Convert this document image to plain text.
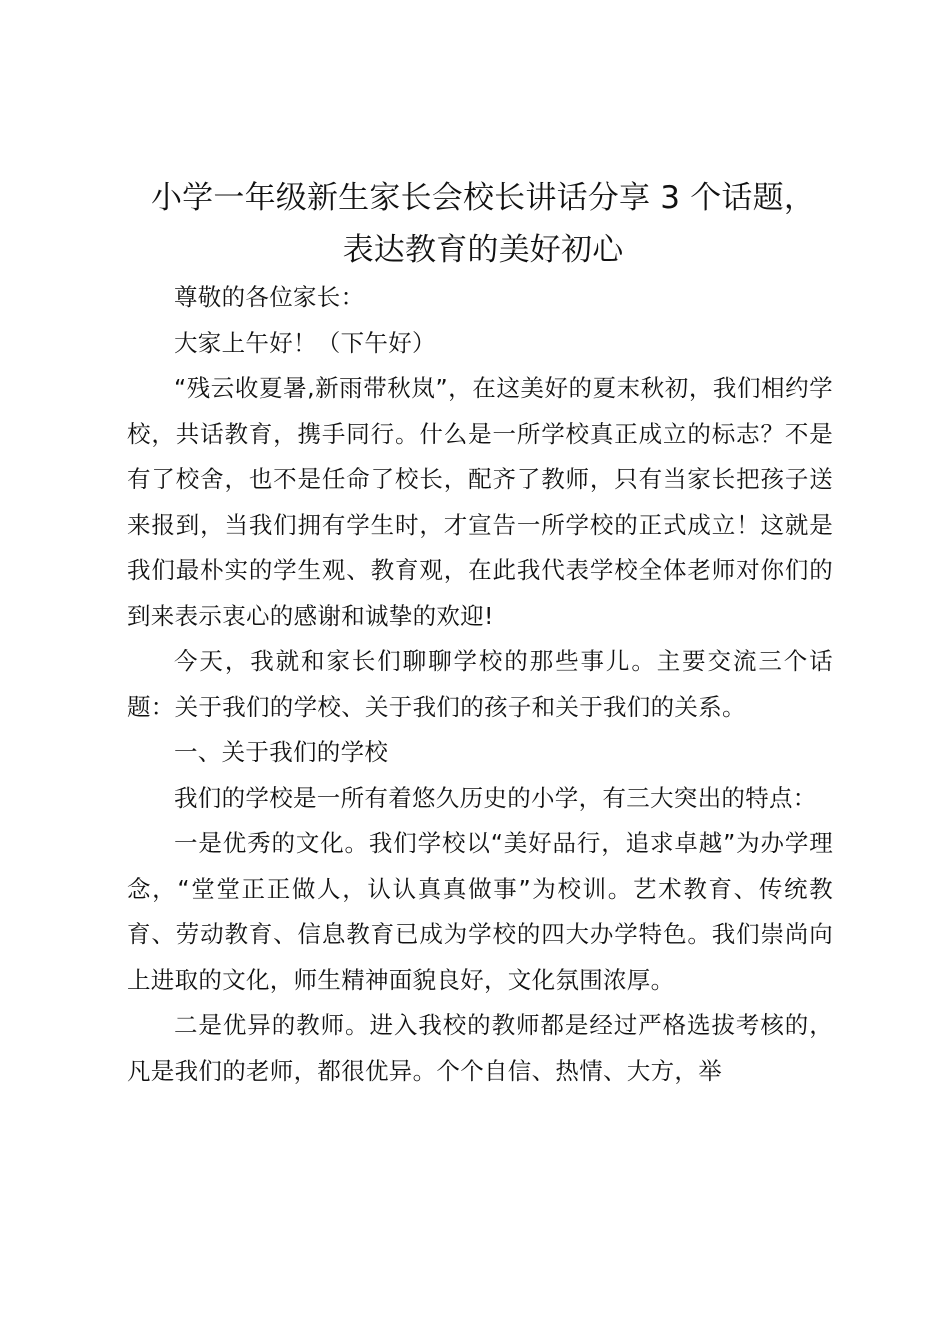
小学一年级新生家长会校长讲话分享 3 个话题，
表达教育的美好初心

尊敬的各位家长：

大家上午好！（下午好）

“残云收夏暑,新雨带秋岚”，在这美好的夏末秋初，我们相约学校，共话教育，携手同行。什么是一所学校真正成立的标志？不是有了校舍，也不是任命了校长，配齐了教师，只有当家长把孩子送来报到，当我们拥有学生时，才宣告一所学校的正式成立！这就是我们最朴实的学生观、教育观，在此我代表学校全体老师对你们的到来表示衷心的感谢和诚挚的欢迎!

今天，我就和家长们聊聊学校的那些事儿。主要交流三个话题：关于我们的学校、关于我们的孩子和关于我们的关系。

一、关于我们的学校

我们的学校是一所有着悠久历史的小学，有三大突出的特点：

一是优秀的文化。我们学校以“美好品行，追求卓越”为办学理念，“堂堂正正做人，认认真真做事”为校训。艺术教育、传统教育、劳动教育、信息教育已成为学校的四大办学特色。我们崇尚向上进取的文化，师生精神面貌良好，文化氛围浓厚。

二是优异的教师。进入我校的教师都是经过严格选拔考核的，凡是我们的老师，都很优异。个个自信、热情、大方，举
